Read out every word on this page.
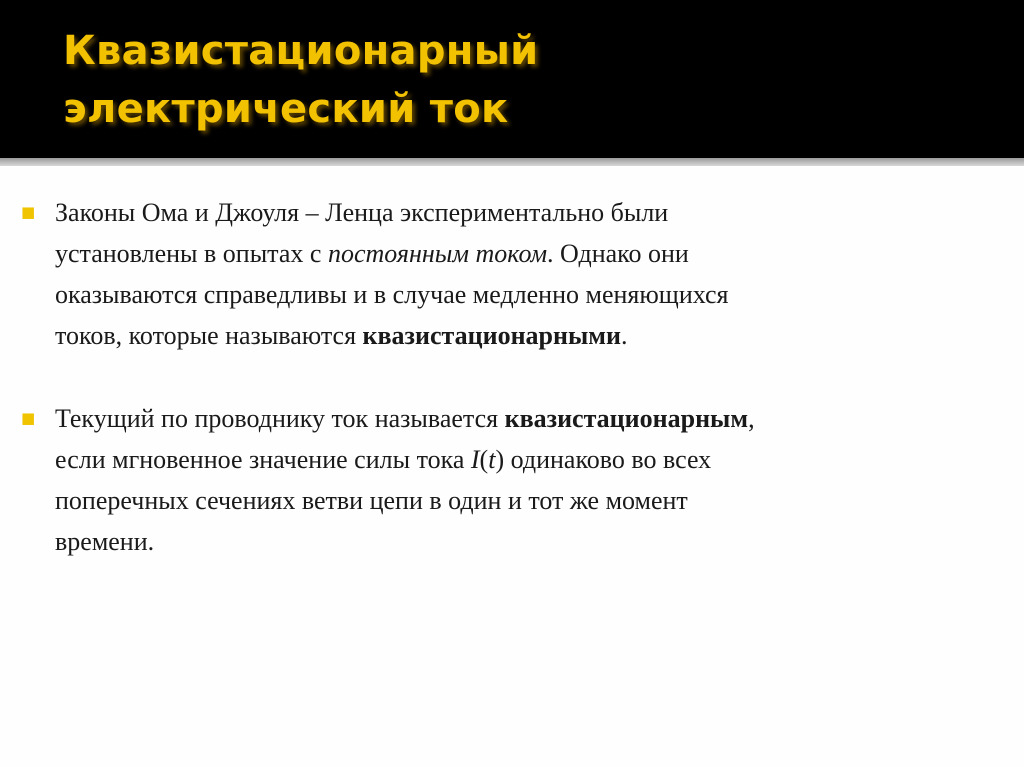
Квазистационарный
электрический ток

■ Законы Ома и Джоуля – Ленца экспериментально были
установлены в опытах с постоянным током. Однако они
оказываются справедливы и в случае медленно меняющихся
токов, которые называются квазистационарными.

■ Текущий по проводнику ток называется квазистационарным,
если мгновенное значение силы тока I(t) одинаково во всех
поперечных сечениях ветви цепи в один и тот же момент
времени.
